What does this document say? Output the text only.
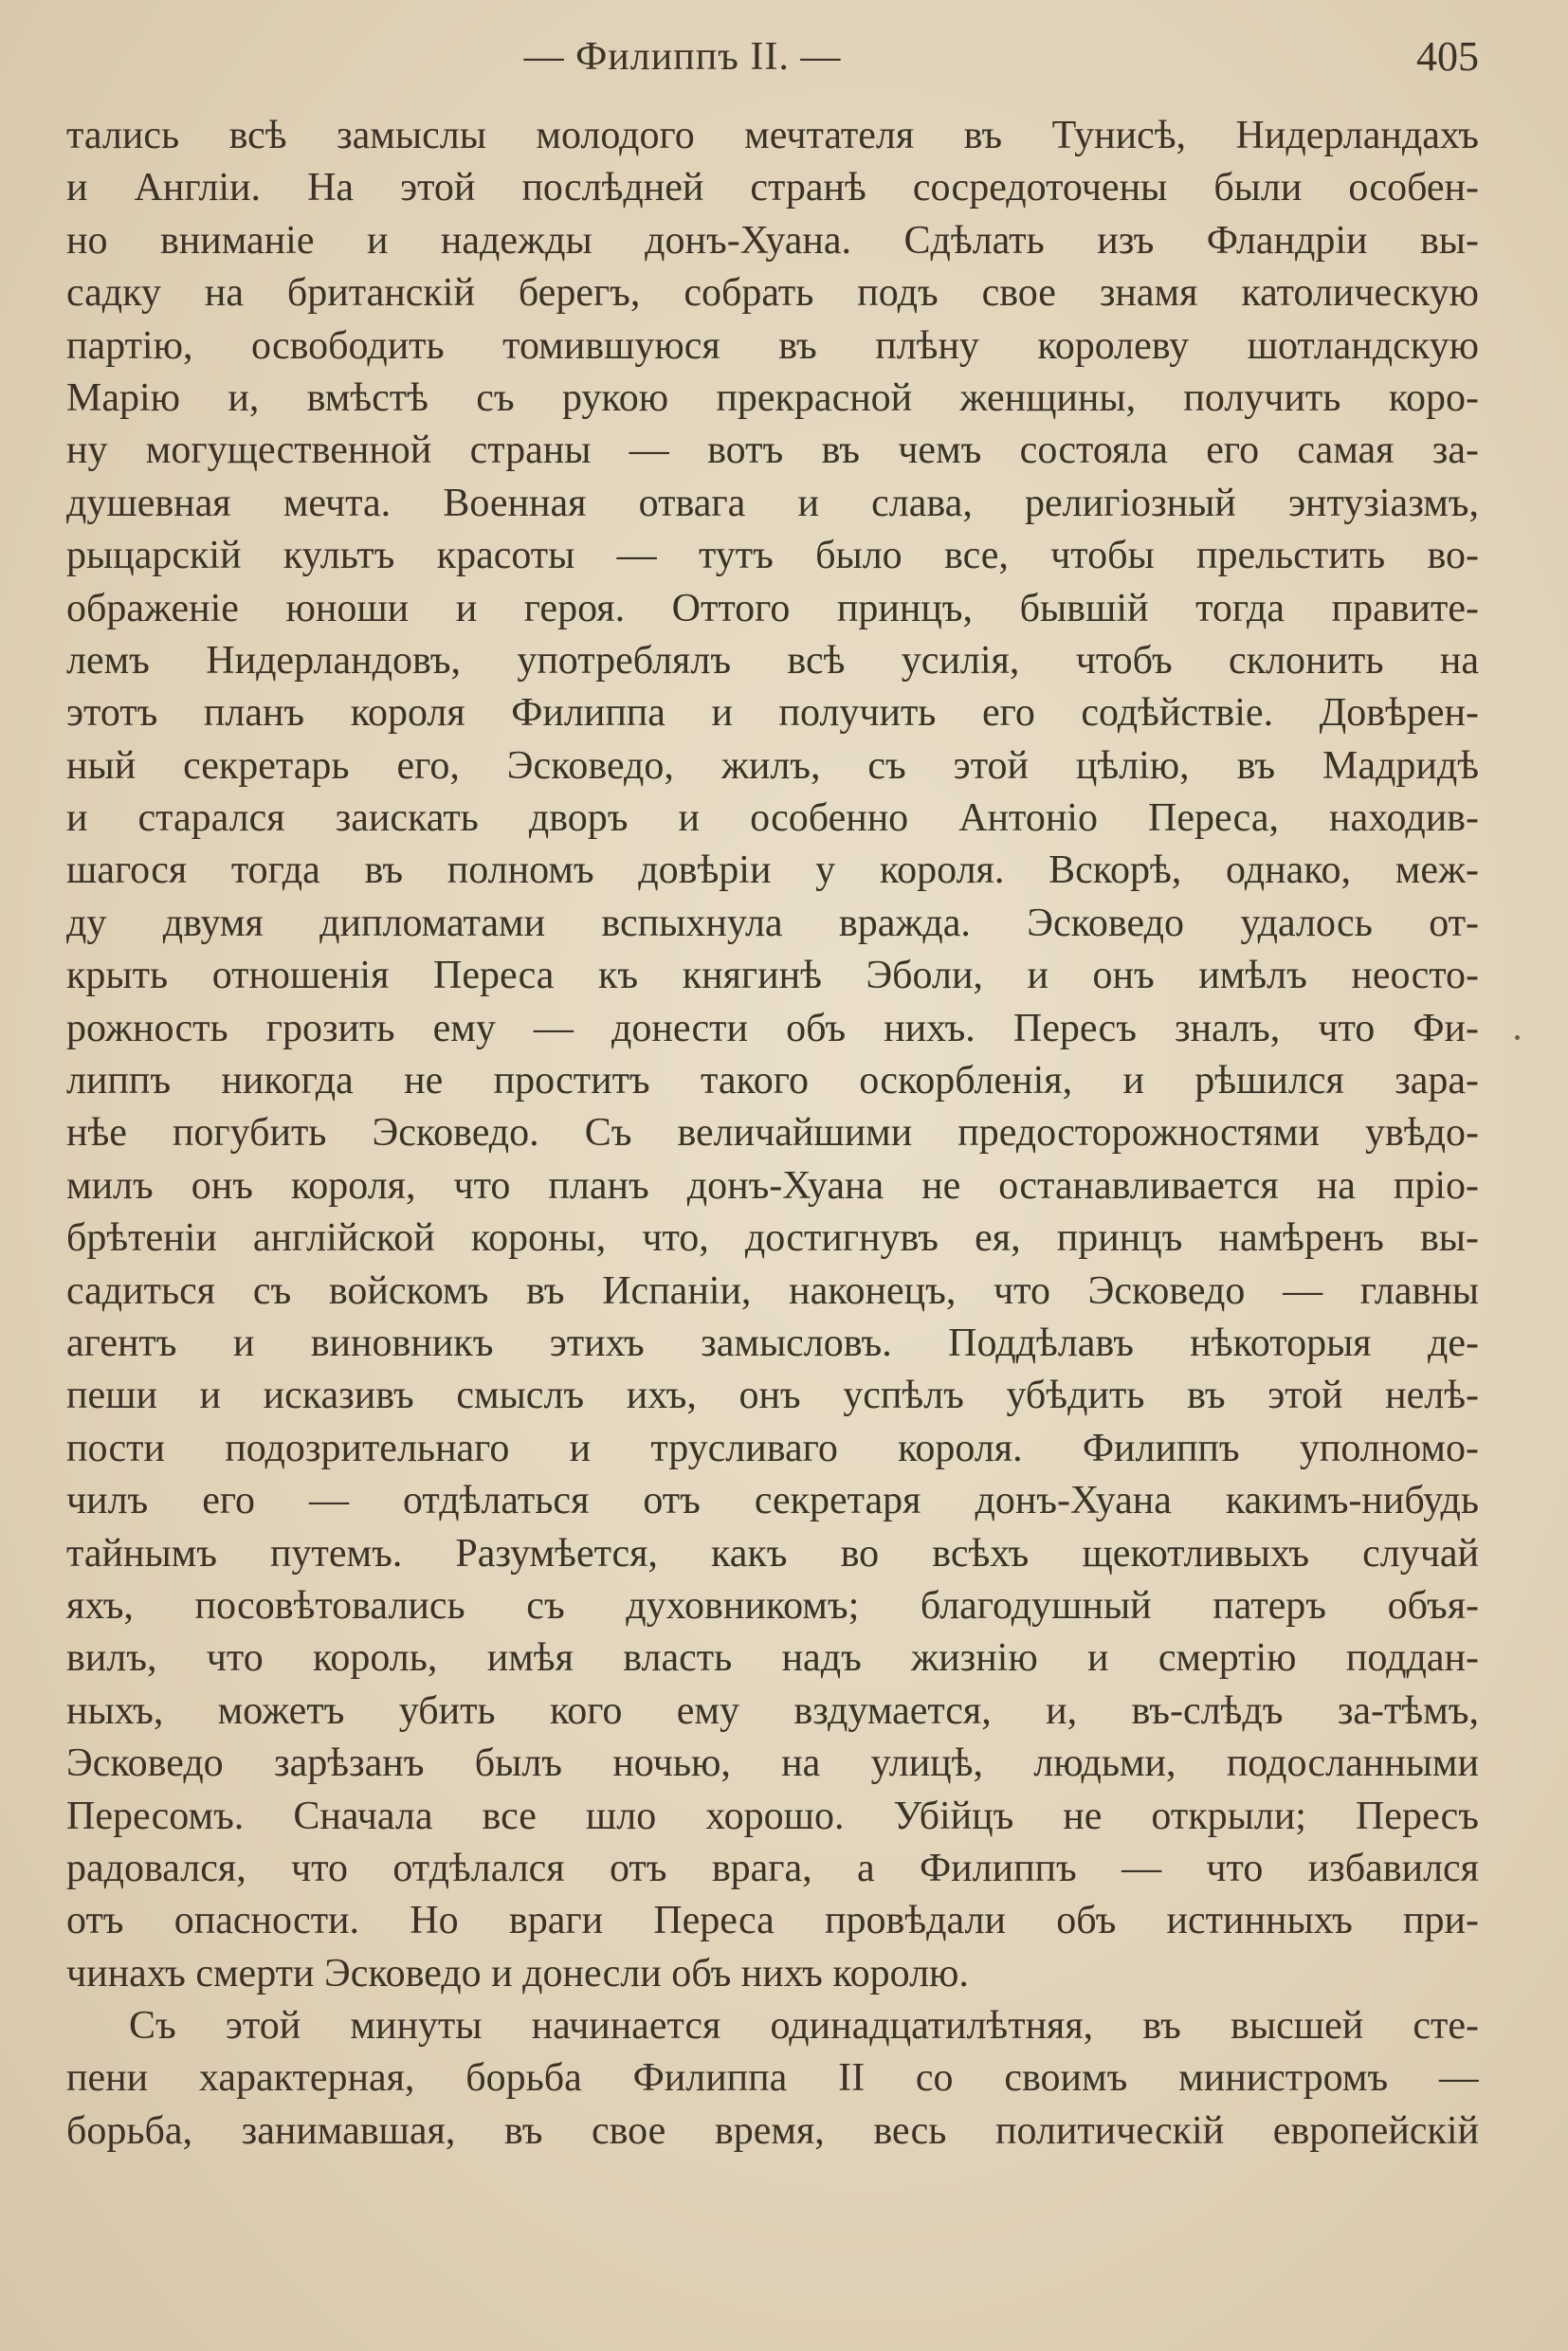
— Филиппъ II. —	405
тались всѣ замыслы молодого мечтателя въ Тунисѣ, Нидерландахъ
и Англіи. На этой послѣдней странѣ сосредоточены были особен-
но вниманіе и надежды донъ-Хуана. Сдѣлать изъ Фландріи вы-
садку на британскій берегъ, собрать подъ свое знамя католическую
партію, освободить томившуюся въ плѣну королеву шотландскую
Марію и, вмѣстѣ съ рукою прекрасной женщины, получить коро-
ну могущественной страны — вотъ въ чемъ состояла его самая за-
душевная мечта. Военная отвага и слава, религіозный энтузіазмъ,
рыцарскій культъ красоты — тутъ было все, чтобы прельстить во-
ображеніе юноши и героя. Оттого принцъ, бывшій тогда правите-
лемъ Нидерландовъ, употреблялъ всѣ усилія, чтобъ склонить на
этотъ планъ короля Филиппа и получить его содѣйствіе. Довѣрен-
ный секретарь его, Эсковедо, жилъ, съ этой цѣлію, въ Мадридѣ
и старался заискать дворъ и особенно Антоніо Переса, находив-
шагося тогда въ полномъ довѣріи у короля. Вскорѣ, однако, меж-
ду двумя дипломатами вспыхнула вражда. Эсковедо удалось от-
крыть отношенія Переса къ княгинѣ Эболи, и онъ имѣлъ неосто-
рожность грозить ему — донести объ нихъ. Пересъ зналъ, что Фи-
липпъ никогда не проститъ такого оскорбленія, и рѣшился зара-
нѣе погубить Эсковедо. Съ величайшими предосторожностями увѣдо-
милъ онъ короля, что планъ донъ-Хуана не останавливается на пріо-
брѣтеніи англійской короны, что, достигнувъ ея, принцъ намѣренъ вы-
садиться съ войскомъ въ Испаніи, наконецъ, что Эсковедо — главны
агентъ и виновникъ этихъ замысловъ. Поддѣлавъ нѣкоторыя де-
пеши и исказивъ смыслъ ихъ, онъ успѣлъ убѣдить въ этой нелѣ-
пости подозрительнаго и трусливаго короля. Филиппъ уполномо-
чилъ его — отдѣлаться отъ секретаря донъ-Хуана какимъ-нибудь
тайнымъ путемъ. Разумѣется, какъ во всѣхъ щекотливыхъ случай
яхъ, посовѣтовались съ духовникомъ; благодушный патеръ объя-
вилъ, что король, имѣя власть надъ жизнію и смертію поддан-
ныхъ, можетъ убить кого ему вздумается, и, въ-слѣдъ за-тѣмъ,
Эсковедо зарѣзанъ былъ ночью, на улицѣ, людьми, подосланными
Пересомъ. Сначала все шло хорошо. Убійцъ не открыли; Пересъ
радовался, что отдѣлался отъ врага, а Филиппъ — что избавился
отъ опасности. Но враги Переса провѣдали объ истинныхъ при-
чинахъ смерти Эсковедо и донесли объ нихъ королю.
Съ этой минуты начинается одинадцатилѣтняя, въ высшей сте-
пени характерная, борьба Филиппа II со своимъ министромъ —
борьба, занимавшая, въ свое время, весь политическій европейскій
